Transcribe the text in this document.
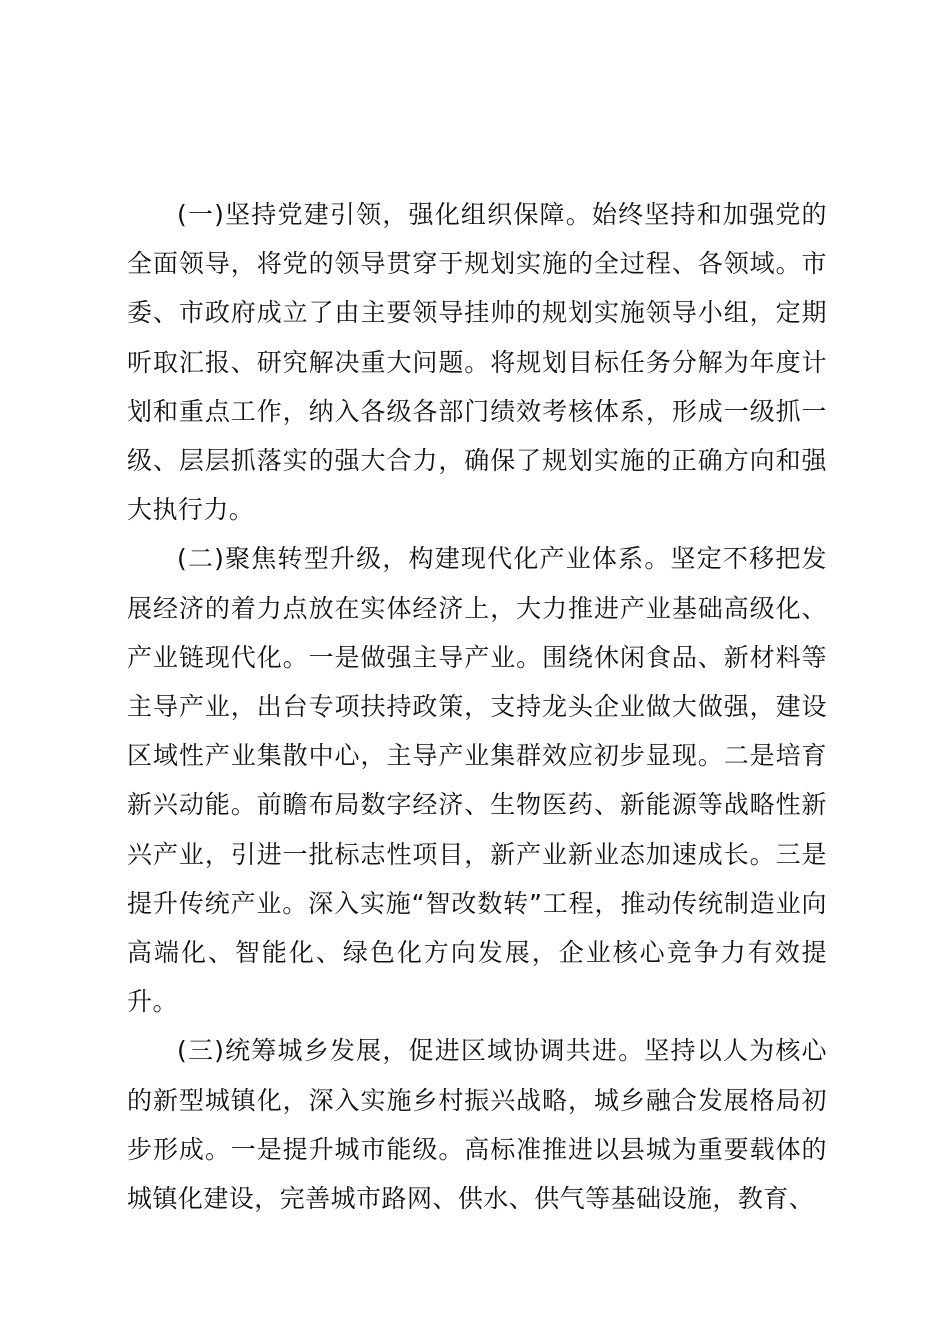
(一)坚持党建引领，强化组织保障。始终坚持和加强党的全面领导，将党的领导贯穿于规划实施的全过程、各领域。市委、市政府成立了由主要领导挂帅的规划实施领导小组，定期听取汇报、研究解决重大问题。将规划目标任务分解为年度计划和重点工作，纳入各级各部门绩效考核体系，形成一级抓一级、层层抓落实的强大合力，确保了规划实施的正确方向和强大执行力。

(二)聚焦转型升级，构建现代化产业体系。坚定不移把发展经济的着力点放在实体经济上，大力推进产业基础高级化、产业链现代化。一是做强主导产业。围绕休闲食品、新材料等主导产业，出台专项扶持政策，支持龙头企业做大做强，建设区域性产业集散中心，主导产业集群效应初步显现。二是培育新兴动能。前瞻布局数字经济、生物医药、新能源等战略性新兴产业，引进一批标志性项目，新产业新业态加速成长。三是提升传统产业。深入实施“智改数转”工程，推动传统制造业向高端化、智能化、绿色化方向发展，企业核心竞争力有效提升。

(三)统筹城乡发展，促进区域协调共进。坚持以人为核心的新型城镇化，深入实施乡村振兴战略，城乡融合发展格局初步形成。一是提升城市能级。高标准推进以县城为重要载体的城镇化建设，完善城市路网、供水、供气等基础设施，教育、
